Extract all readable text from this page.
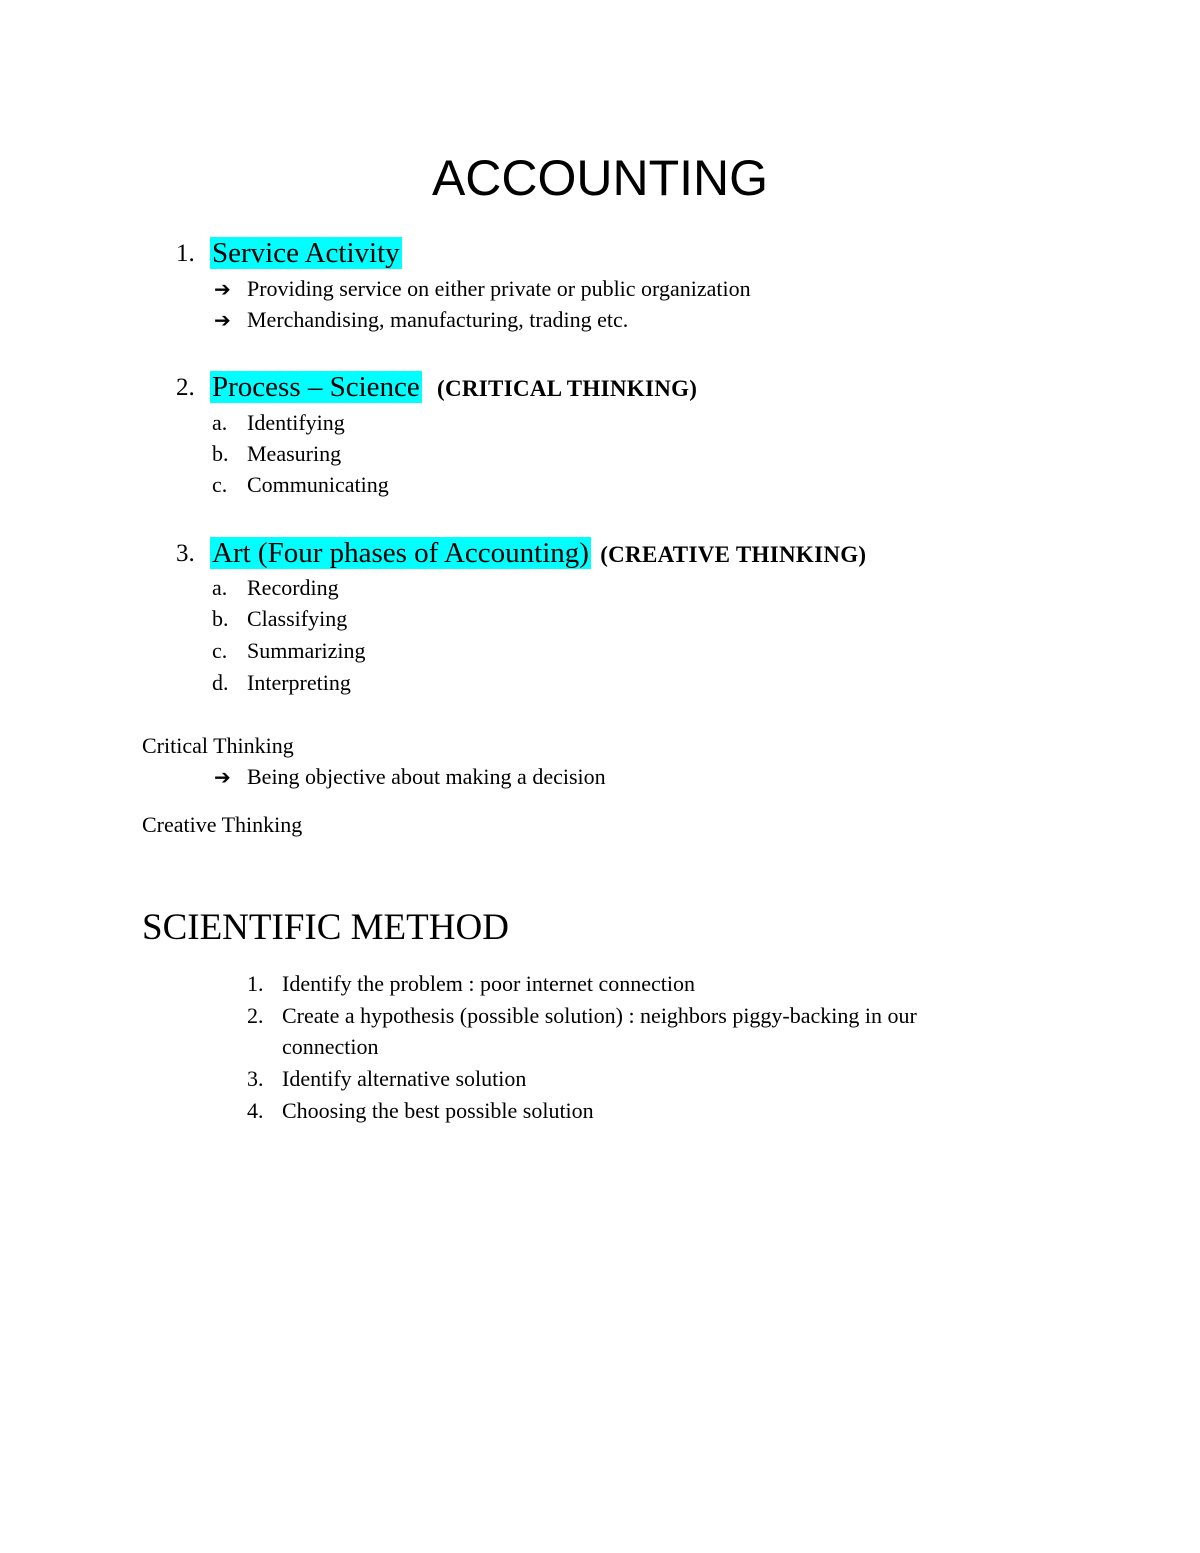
ACCOUNTING
1. Service Activity
➔ Providing service on either private or public organization
➔ Merchandising, manufacturing, trading etc.
2. Process – Science (CRITICAL THINKING)
a. Identifying
b. Measuring
c. Communicating
3. Art (Four phases of Accounting) (CREATIVE THINKING)
a. Recording
b. Classifying
c. Summarizing
d. Interpreting
Critical Thinking
➔ Being objective about making a decision
Creative Thinking
SCIENTIFIC METHOD
1. Identify the problem : poor internet connection
2. Create a hypothesis (possible solution) : neighbors piggy-backing in our
connection
3. Identify alternative solution
4. Choosing the best possible solution
